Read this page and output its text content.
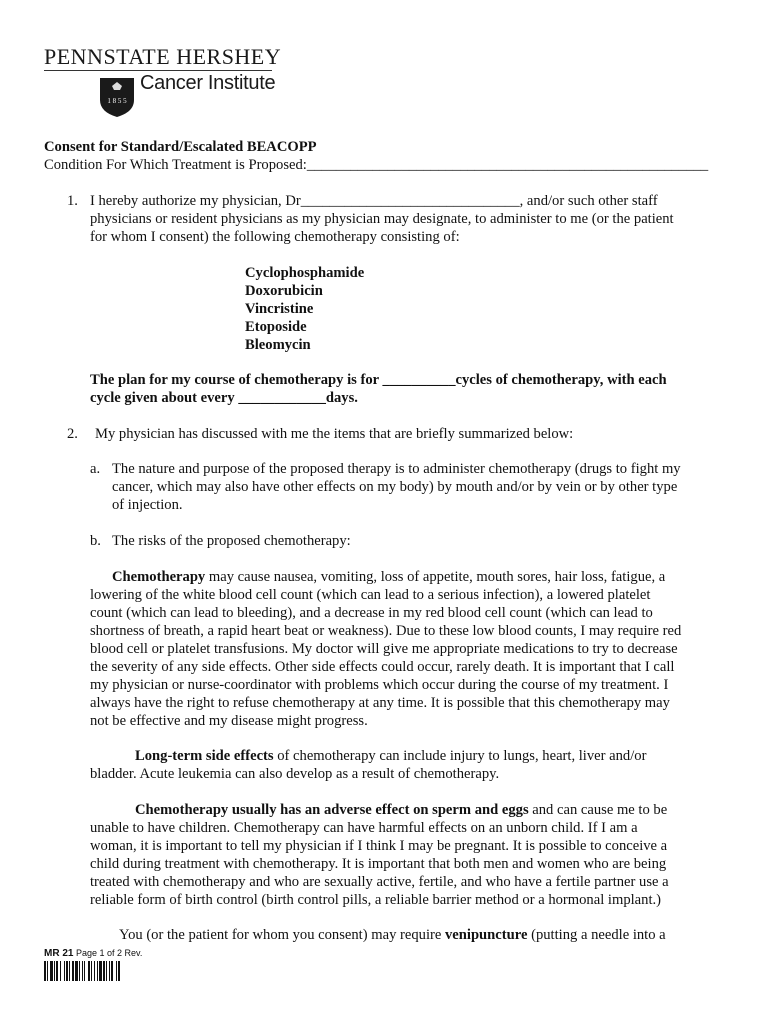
PENNSTATE HERSHEY
1 8 5 5
Cancer Institute
Consent for Standard/Escalated BEACOPP
Condition For Which Treatment is Proposed:_______________________________________________________
1. I hereby authorize my physician, Dr______________________________, and/or such other staff
physicians or resident physicians as my physician may designate, to administer to me (or the patient
for whom I consent) the following chemotherapy consisting of:
Cyclophosphamide
Doxorubicin
Vincristine
Etoposide
Bleomycin
The plan for my course of chemotherapy is for __________cycles of chemotherapy, with each
cycle given about every ____________days.
2. My physician has discussed with me the items that are briefly summarized below:
a. The nature and purpose of the proposed therapy is to administer chemotherapy (drugs to fight my
cancer, which may also have other effects on my body) by mouth and/or by vein or by other type
of injection.
b. The risks of the proposed chemotherapy:
Chemotherapy may cause nausea, vomiting, loss of appetite, mouth sores, hair loss, fatigue, a
lowering of the white blood cell count (which can lead to a serious infection), a lowered platelet
count (which can lead to bleeding), and a decrease in my red blood cell count (which can lead to
shortness of breath, a rapid heart beat or weakness). Due to these low blood counts, I may require red
blood cell or platelet transfusions. My doctor will give me appropriate medications to try to decrease
the severity of any side effects. Other side effects could occur, rarely death. It is important that I call
my physician or nurse-coordinator with problems which occur during the course of my treatment. I
always have the right to refuse chemotherapy at any time. It is possible that this chemotherapy may
not be effective and my disease might progress.
Long-term side effects of chemotherapy can include injury to lungs, heart, liver and/or
bladder. Acute leukemia can also develop as a result of chemotherapy.
Chemotherapy usually has an adverse effect on sperm and eggs and can cause me to be
unable to have children. Chemotherapy can have harmful effects on an unborn child. If I am a
woman, it is important to tell my physician if I think I may be pregnant. It is possible to conceive a
child during treatment with chemotherapy. It is important that both men and women who are being
treated with chemotherapy and who are sexually active, fertile, and who have a fertile partner use a
reliable form of birth control (birth control pills, a reliable barrier method or a hormonal implant.)
You (or the patient for whom you consent) may require venipuncture (putting a needle into a
MR 21 Page 1 of 2 Rev.
